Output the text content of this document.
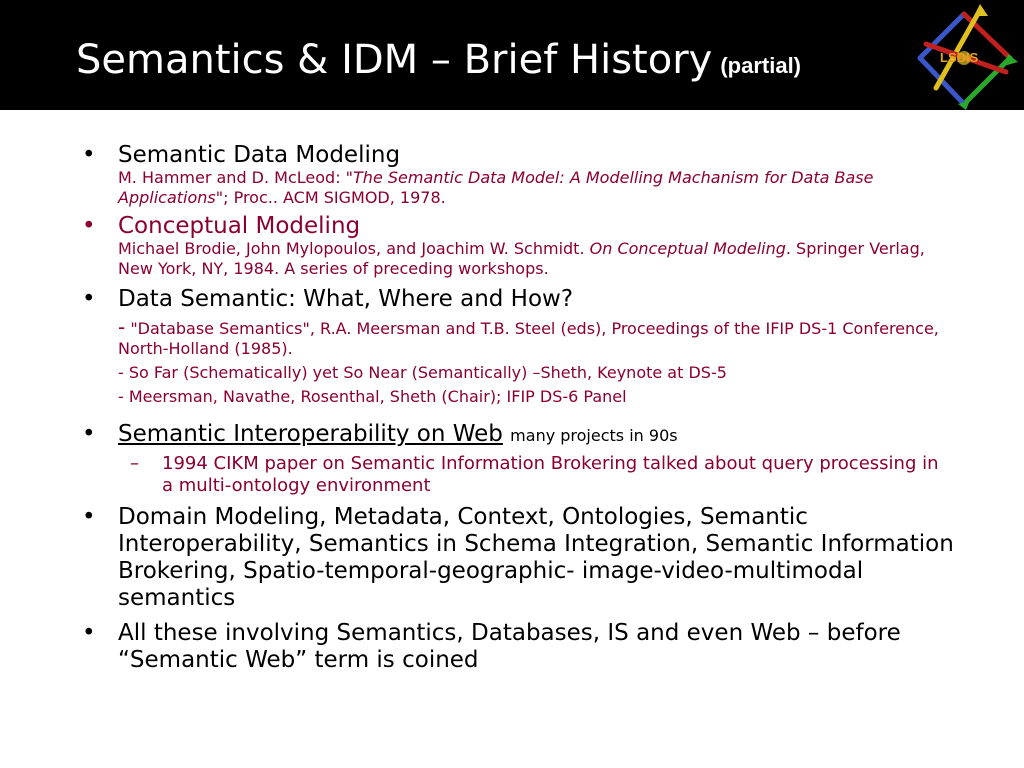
Semantics & IDM – Brief History (partial)	LSDIS
• Semantic Data Modeling
M. Hammer and D. McLeod: "The Semantic Data Model: A Modelling Machanism for Data Base Applications"; Proc.. ACM SIGMOD, 1978.
• Conceptual Modeling
Michael Brodie, John Mylopoulos, and Joachim W. Schmidt. On Conceptual Modeling. Springer Verlag, New York, NY, 1984. A series of preceding workshops.
• Data Semantic: What, Where and How?
- "Database Semantics", R.A. Meersman and T.B. Steel (eds), Proceedings of the IFIP DS-1 Conference, North-Holland (1985).
- So Far (Schematically) yet So Near (Semantically) –Sheth, Keynote at DS-5
- Meersman, Navathe, Rosenthal, Sheth (Chair); IFIP DS-6 Panel
• Semantic Interoperability on Web many projects in 90s
– 1994 CIKM paper on Semantic Information Brokering talked about query processing in a multi-ontology environment
• Domain Modeling, Metadata, Context, Ontologies, Semantic Interoperability, Semantics in Schema Integration, Semantic Information Brokering, Spatio-temporal-geographic- image-video-multimodal semantics
• All these involving Semantics, Databases, IS and even Web – before “Semantic Web” term is coined
